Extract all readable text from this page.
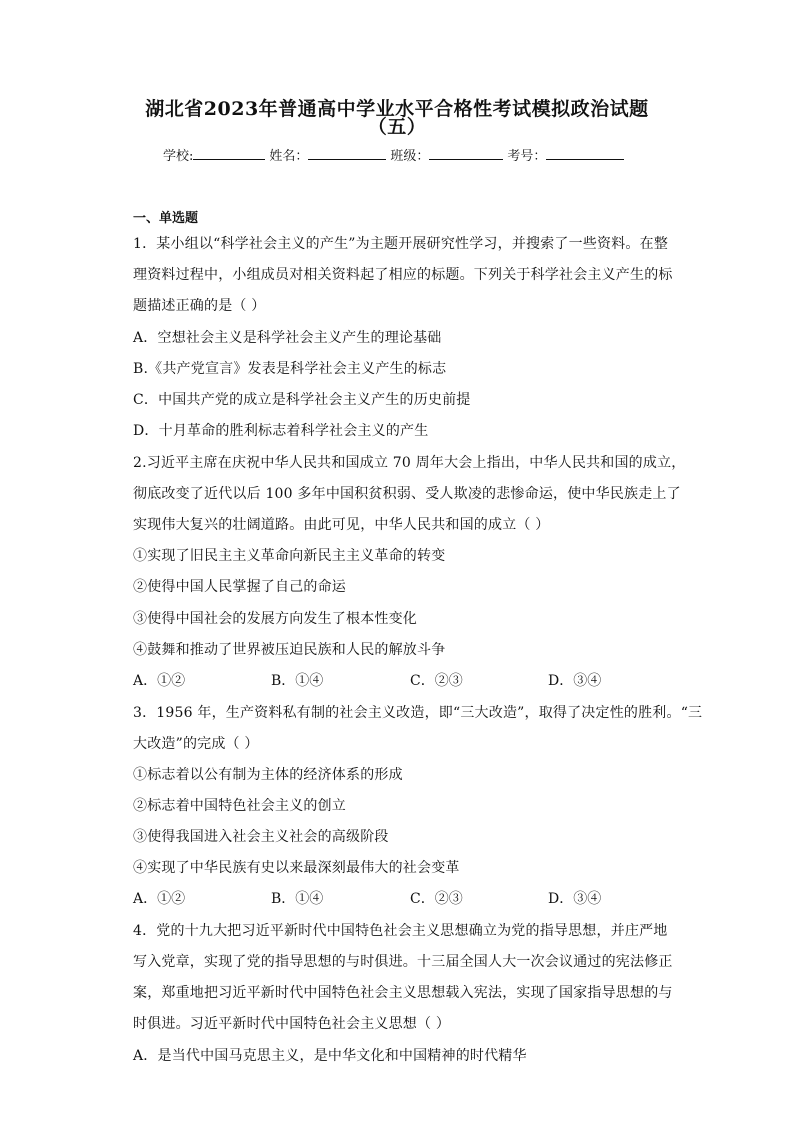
湖北省2023年普通高中学业水平合格性考试模拟政治试题
（五）
学校:	姓名：	班级：	考号：
一、单选题
1．某小组以“科学社会主义的产生”为主题开展研究性学习，并搜索了一些资料。在整
理资料过程中，小组成员对相关资料起了相应的标题。下列关于科学社会主义产生的标
题描述正确的是（ ）
A．空想社会主义是科学社会主义产生的理论基础
B.《共产党宣言》发表是科学社会主义产生的标志
C．中国共产党的成立是科学社会主义产生的历史前提
D．十月革命的胜利标志着科学社会主义的产生
2.习近平主席在庆祝中华人民共和国成立 70 周年大会上指出，中华人民共和国的成立，
彻底改变了近代以后 100 多年中国积贫积弱、受人欺凌的悲惨命运，使中华民族走上了
实现伟大复兴的壮阔道路。由此可见，中华人民共和国的成立（ ）
①实现了旧民主主义革命向新民主主义革命的转变
②使得中国人民掌握了自己的命运
③使得中国社会的发展方向发生了根本性变化
④鼓舞和推动了世界被压迫民族和人民的解放斗争
A．①②	B．①④	C．②③	D．③④
3．1956 年，生产资料私有制的社会主义改造，即“三大改造”，取得了决定性的胜利。“三
大改造”的完成（ ）
①标志着以公有制为主体的经济体系的形成
②标志着中国特色社会主义的创立
③使得我国进入社会主义社会的高级阶段
④实现了中华民族有史以来最深刻最伟大的社会变革
A．①②	B．①④	C．②③	D．③④
4．党的十九大把习近平新时代中国特色社会主义思想确立为党的指导思想，并庄严地
写入党章，实现了党的指导思想的与时俱进。十三届全国人大一次会议通过的宪法修正
案，郑重地把习近平新时代中国特色社会主义思想载入宪法，实现了国家指导思想的与
时俱进。习近平新时代中国特色社会主义思想（ ）
A．是当代中国马克思主义，是中华文化和中国精神的时代精华
